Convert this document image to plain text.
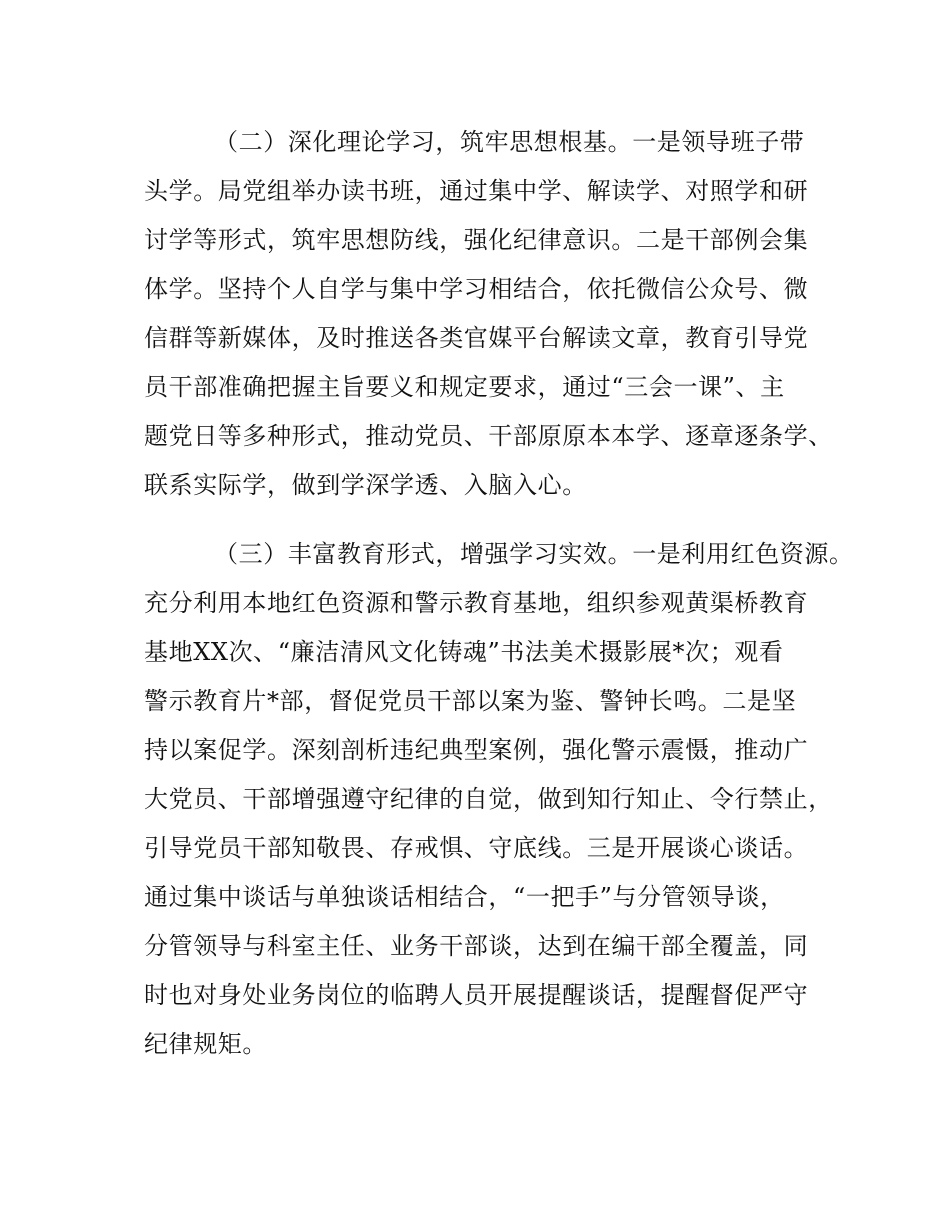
（二）深化理论学习，筑牢思想根基。一是领导班子带
头学。局党组举办读书班，通过集中学、解读学、对照学和研
讨学等形式，筑牢思想防线，强化纪律意识。二是干部例会集
体学。坚持个人自学与集中学习相结合，依托微信公众号、微
信群等新媒体，及时推送各类官媒平台解读文章，教育引导党
员干部准确把握主旨要义和规定要求，通过“三会一课”、主
题党日等多种形式，推动党员、干部原原本本学、逐章逐条学、
联系实际学，做到学深学透、入脑入心。
（三）丰富教育形式，增强学习实效。一是利用红色资源。
充分利用本地红色资源和警示教育基地，组织参观黄渠桥教育
基地XX次、“廉洁清风文化铸魂”书法美术摄影展*次；观看
警示教育片*部，督促党员干部以案为鉴、警钟长鸣。二是坚
持以案促学。深刻剖析违纪典型案例，强化警示震慑，推动广
大党员、干部增强遵守纪律的自觉，做到知行知止、令行禁止，
引导党员干部知敬畏、存戒惧、守底线。三是开展谈心谈话。
通过集中谈话与单独谈话相结合，“一把手”与分管领导谈，
分管领导与科室主任、业务干部谈，达到在编干部全覆盖，同
时也对身处业务岗位的临聘人员开展提醒谈话，提醒督促严守
纪律规矩。
